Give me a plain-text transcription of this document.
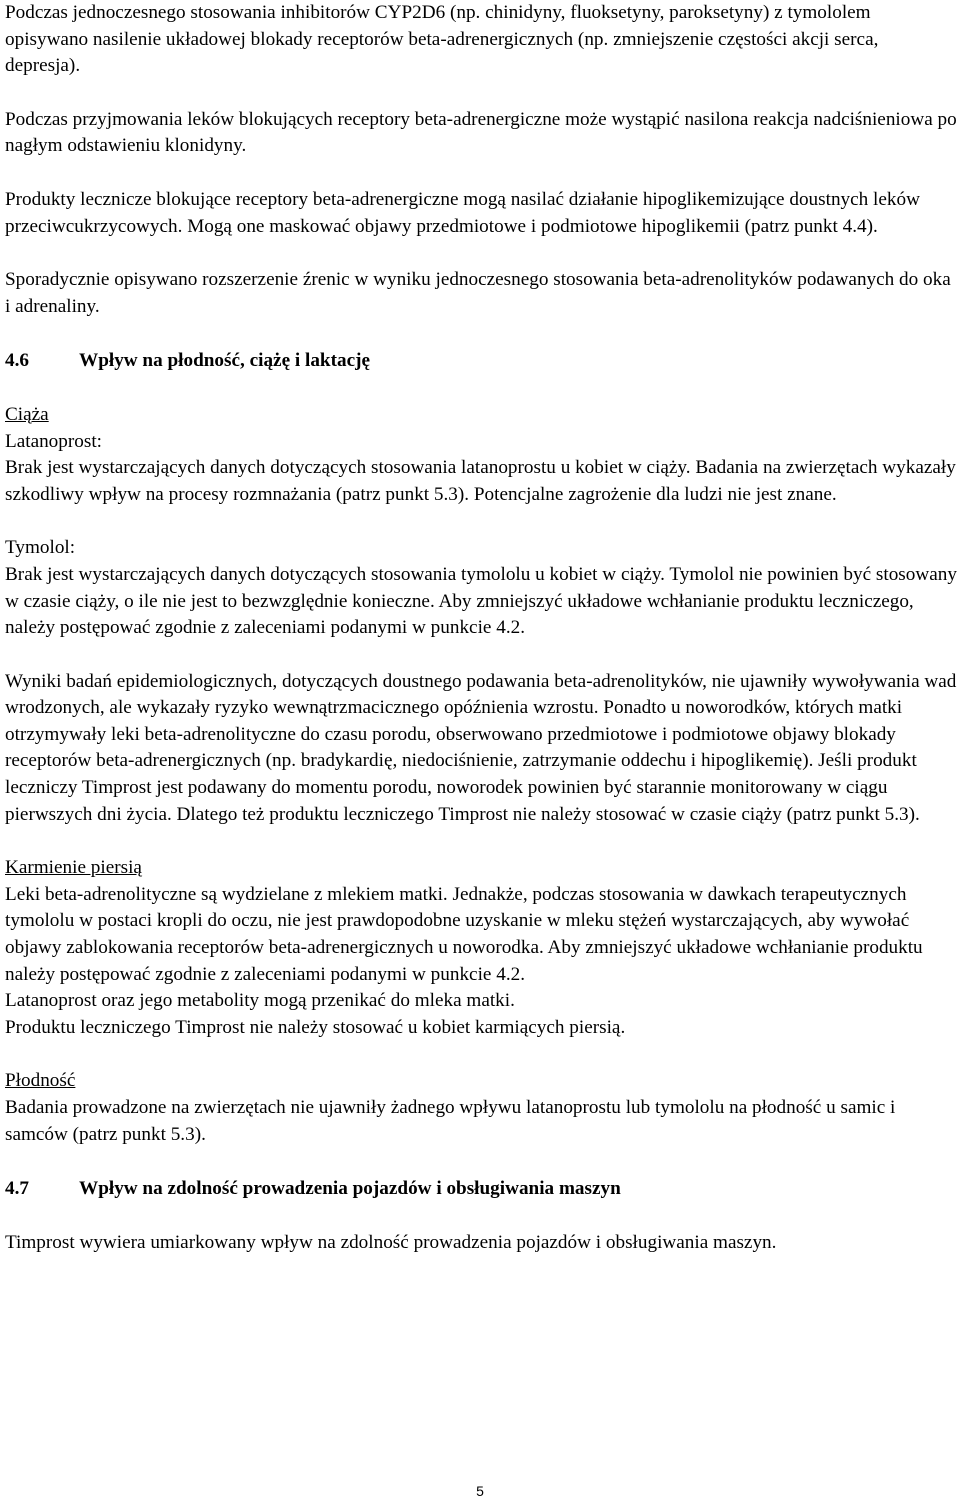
Podczas jednoczesnego stosowania inhibitorów CYP2D6 (np. chinidyny, fluoksetyny, paroksetyny) z tymololem opisywano nasilenie układowej blokady receptorów beta-adrenergicznych (np. zmniejszenie częstości akcji serca, depresja).

Podczas przyjmowania leków blokujących receptory beta-adrenergiczne może wystąpić nasilona reakcja nadciśnieniowa po nagłym odstawieniu klonidyny.

Produkty lecznicze blokujące receptory beta-adrenergiczne mogą nasilać działanie hipoglikemizujące doustnych leków przeciwcukrzycowych. Mogą one maskować objawy przedmiotowe i podmiotowe hipoglikemii (patrz punkt 4.4).

Sporadycznie opisywano rozszerzenie źrenic w wyniku jednoczesnego stosowania beta-adrenolityków podawanych do oka i adrenaliny.

4.6	Wpływ na płodność, ciążę i laktację
Ciąża
Latanoprost:

Brak jest wystarczających danych dotyczących stosowania latanoprostu u kobiet w ciąży. Badania na zwierzętach wykazały szkodliwy wpływ na procesy rozmnażania (patrz punkt 5.3). Potencjalne zagrożenie dla ludzi nie jest znane.

Tymolol:

Brak jest wystarczających danych dotyczących stosowania tymololu u kobiet w ciąży. Tymolol nie powinien być stosowany w czasie ciąży, o ile nie jest to bezwzględnie konieczne. Aby zmniejszyć układowe wchłanianie produktu leczniczego, należy postępować zgodnie z zaleceniami podanymi w punkcie 4.2.

Wyniki badań epidemiologicznych, dotyczących doustnego podawania beta-adrenolityków, nie ujawniły wywoływania wad wrodzonych, ale wykazały ryzyko wewnątrzmacicznego opóźnienia wzrostu. Ponadto u noworodków, których matki otrzymywały leki beta-adrenolityczne do czasu porodu, obserwowano przedmiotowe i podmiotowe objawy blokady receptorów beta-adrenergicznych (np. bradykardię, niedociśnienie, zatrzymanie oddechu i hipoglikemię). Jeśli produkt leczniczy Timprost jest podawany do momentu porodu, noworodek powinien być starannie monitorowany w ciągu pierwszych dni życia. Dlatego też produktu leczniczego Timprost nie należy stosować w czasie ciąży (patrz punkt 5.3).

Karmienie piersią

Leki beta-adrenolityczne są wydzielane z mlekiem matki. Jednakże, podczas stosowania w dawkach terapeutycznych tymololu w postaci kropli do oczu, nie jest prawdopodobne uzyskanie w mleku stężeń wystarczających, aby wywołać objawy zablokowania receptorów beta-adrenergicznych u noworodka. Aby zmniejszyć układowe wchłanianie produktu należy postępować zgodnie z zaleceniami podanymi w punkcie 4.2.

Latanoprost oraz jego metabolity mogą przenikać do mleka matki.

Produktu leczniczego Timprost nie należy stosować u kobiet karmiących piersią.

Płodność

Badania prowadzone na zwierzętach nie ujawniły żadnego wpływu latanoprostu lub tymololu na płodność u samic i samców (patrz punkt 5.3).

4.7	Wpływ na zdolność prowadzenia pojazdów i obsługiwania maszyn

Timprost wywiera umiarkowany wpływ na zdolność prowadzenia pojazdów i obsługiwania maszyn.

5
